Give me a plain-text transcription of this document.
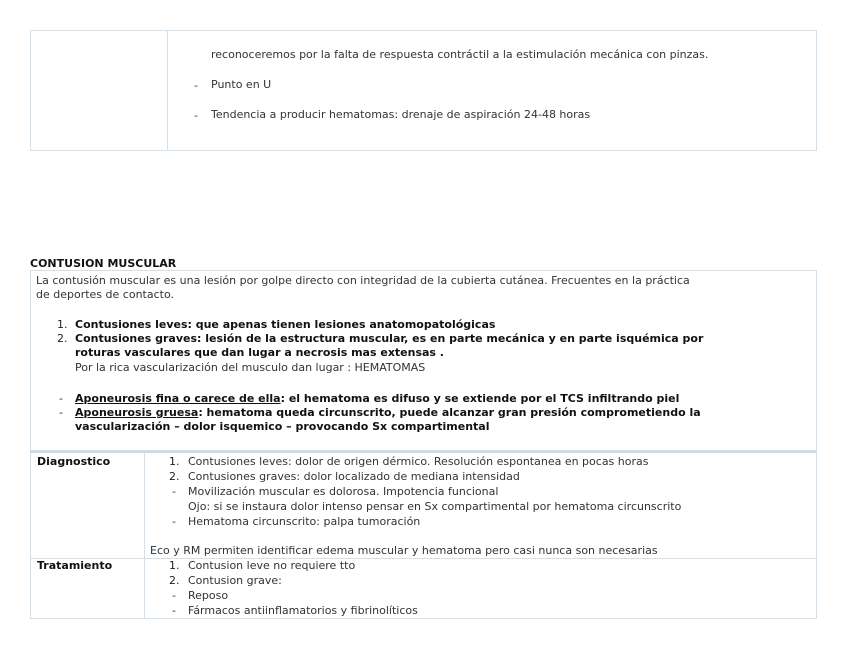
reconoceremos por la falta de respuesta contráctil a la estimulación mecánica con pinzas.
- Punto en U
- Tendencia a producir hematomas: drenaje de aspiración 24-48 horas
CONTUSION MUSCULAR
La contusión muscular es una lesión por golpe directo con integridad de la cubierta cutánea. Frecuentes en la práctica
de deportes de contacto.
1. Contusiones leves: que apenas tienen lesiones anatomopatológicas
2. Contusiones graves: lesión de la estructura muscular, es en parte mecánica y en parte isquémica por
roturas vasculares que dan lugar a necrosis mas extensas .
Por la rica vascularización del musculo dan lugar : HEMATOMAS
- Aponeurosis fina o carece de ella: el hematoma es difuso y se extiende por el TCS infiltrando piel
- Aponeurosis gruesa: hematoma queda circunscrito, puede alcanzar gran presión comprometiendo la
vascularización – dolor isquemico – provocando Sx compartimental
Diagnostico	1. Contusiones leves: dolor de origen dérmico. Resolución espontanea en pocas horas
2. Contusiones graves: dolor localizado de mediana intensidad
- Movilización muscular es dolorosa. Impotencia funcional
Ojo: si se instaura dolor intenso pensar en Sx compartimental por hematoma circunscrito
- Hematoma circunscrito: palpa tumoración
Eco y RM permiten identificar edema muscular y hematoma pero casi nunca son necesarias
Tratamiento	1. Contusion leve no requiere tto
2. Contusion grave:
- Reposo
- Fármacos antiinflamatorios y fibrinolíticos
